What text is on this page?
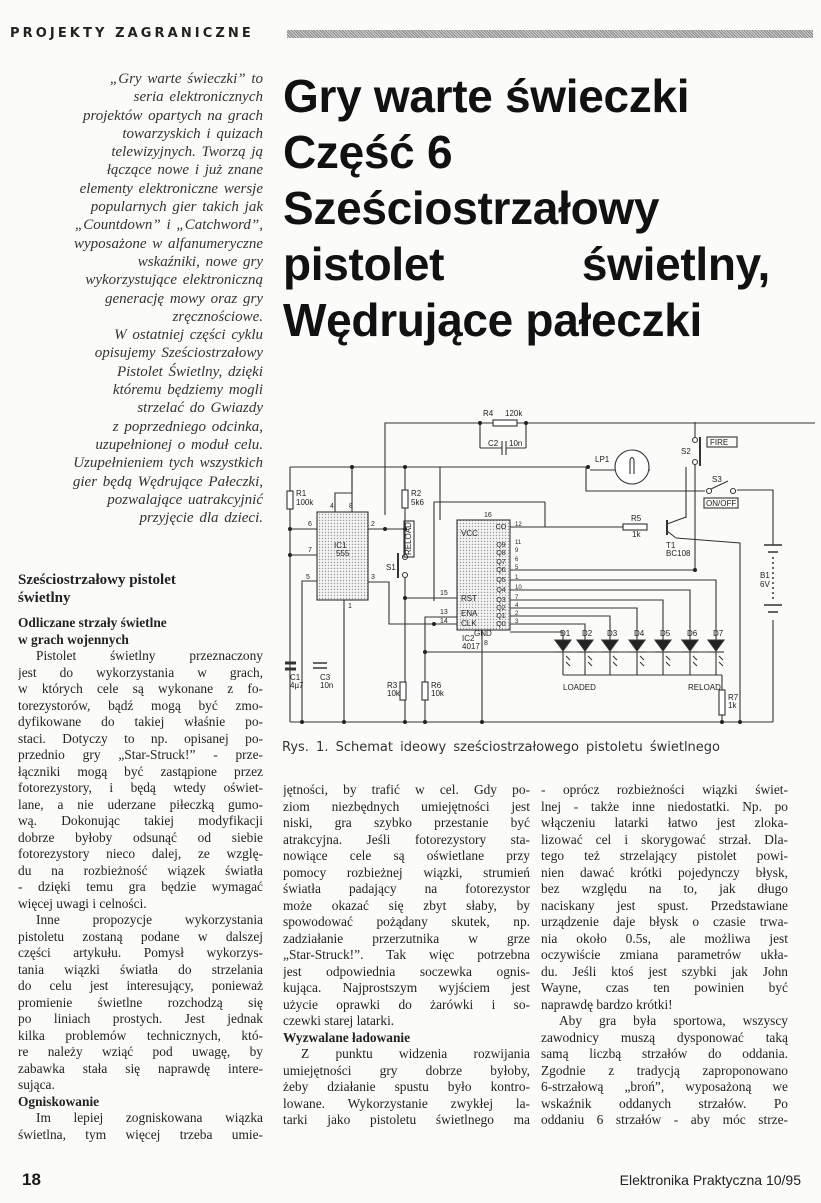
PROJEKTY ZAGRANICZNE
„Gry warte świeczki” to
seria elektronicznych
projektów opartych na grach
towarzyskich i quizach
telewizyjnych. Tworzą ją
łączące nowe i już znane
elementy elektroniczne wersje
popularnych gier takich jak
„Countdown” i „Catchword”,
wyposażone w alfanumeryczne
wskaźniki, nowe gry
wykorzystujące elektroniczną
generację mowy oraz gry
zręcznościowe.
W ostatniej części cyklu
opisujemy Sześciostrzałowy
Pistolet Świetlny, dzięki
któremu będziemy mogli
strzelać do Gwiazdy
z poprzedniego odcinka,
uzupełnionej o moduł celu.
Uzupełnieniem tych wszystkich
gier będą Wędrujące Pałeczki,
pozwalające uatrakcyjnić
przyjęcie dla dzieci.
Gry warte świeczki
Część 6
Sześciostrzałowy
pistolet  świetlny,
Wędrujące pałeczki
R4 120k
C2 10n
LP1
S2
FIRE
S3
ON/OFF
R5
1k
T1
BC108
B1
6V
R1
100k
R2
5k6
IC1
555
S1
IC2
4017
VCC
RST
ENA
CLK
GND
C1
4µ7
C3
10n	R3
10k
R6
10k	R7
1k
LOADED	RELOAD
RELOAD
4 8
6
7
2
5	3
1
16
15
13
14
8
CO 12
Q9 11
Q8 9
Q7 6
Q6 5
Q5 1
Q4 10
Q3 7
Q2 4
Q1 2
Q0 3
D1 D2 D3 D4 D5 D6 D7
Rys. 1. Schemat ideowy sześciostrzałowego pistoletu świetlnego
Sześciostrzałowy pistolet
świetlny
Odliczane strzały świetlne
w grach wojennych
Pistolet świetlny przeznaczony
jest do wykorzystania w grach,
w których cele są wykonane z fo-
torezystorów, bądź mogą być zmo-
dyfikowane do takiej właśnie po-
staci. Dotyczy to np. opisanej po-
przednio gry „Star-Struck!” - prze-
łączniki mogą być zastąpione przez
fotorezystory, i będą wtedy oświet-
lane, a nie uderzane piłeczką gumo-
wą. Dokonując takiej modyfikacji
dobrze byłoby odsunąć od siebie
fotorezystory nieco dalej, ze wzglę-
du na rozbieżność wiązek światła
- dzięki temu gra będzie wymagać
więcej uwagi i celności.
Inne propozycje wykorzystania
pistoletu zostaną podane w dalszej
części artykułu. Pomysł wykorzys-
tania wiązki światła do strzelania
do celu jest interesujący, ponieważ
promienie świetlne rozchodzą się
po liniach prostych. Jest jednak
kilka problemów technicznych, któ-
re należy wziąć pod uwagę, by
zabawka stała się naprawdę intere-
sująca.
Ogniskowanie
Im lepiej zogniskowana wiązka
świetlna, tym więcej trzeba umie-
jętności, by trafić w cel. Gdy po-
ziom niezbędnych umiejętności jest
niski, gra szybko przestanie być
atrakcyjna. Jeśli fotorezystory sta-
nowiące cele są oświetlane przy
pomocy rozbieżnej wiązki, strumień
światła padający na fotorezystor
może okazać się zbyt słaby, by
spowodować pożądany skutek, np.
zadziałanie przerzutnika w grze
„Star-Struck!”. Tak więc potrzebna
jest odpowiednia soczewka ognis-
kująca. Najprostszym wyjściem jest
użycie oprawki do żarówki i so-
czewki starej latarki.
Wyzwalane ładowanie
Z punktu widzenia rozwijania
umiejętności gry dobrze byłoby,
żeby działanie spustu było kontro-
lowane. Wykorzystanie zwykłej la-
tarki jako pistoletu świetlnego ma
- oprócz rozbieżności wiązki świet-
lnej - także inne niedostatki. Np. po
włączeniu latarki łatwo jest zloka-
lizować cel i skorygować strzał. Dla-
tego też strzelający pistolet powi-
nien dawać krótki pojedynczy błysk,
bez względu na to, jak długo
naciskany jest spust. Przedstawiane
urządzenie daje błysk o czasie trwa-
nia około 0.5s, ale możliwa jest
oczywiście zmiana parametrów ukła-
du. Jeśli ktoś jest szybki jak John
Wayne, czas ten powinien być
naprawdę bardzo krótki!
Aby gra była sportowa, wszyscy
zawodnicy muszą dysponować taką
samą liczbą strzałów do oddania.
Zgodnie z tradycją zaproponowano
6-strzałową „broń”, wyposażoną we
wskaźnik oddanych strzałów. Po
oddaniu 6 strzałów - aby móc strze-
18	Elektronika Praktyczna 10/95
